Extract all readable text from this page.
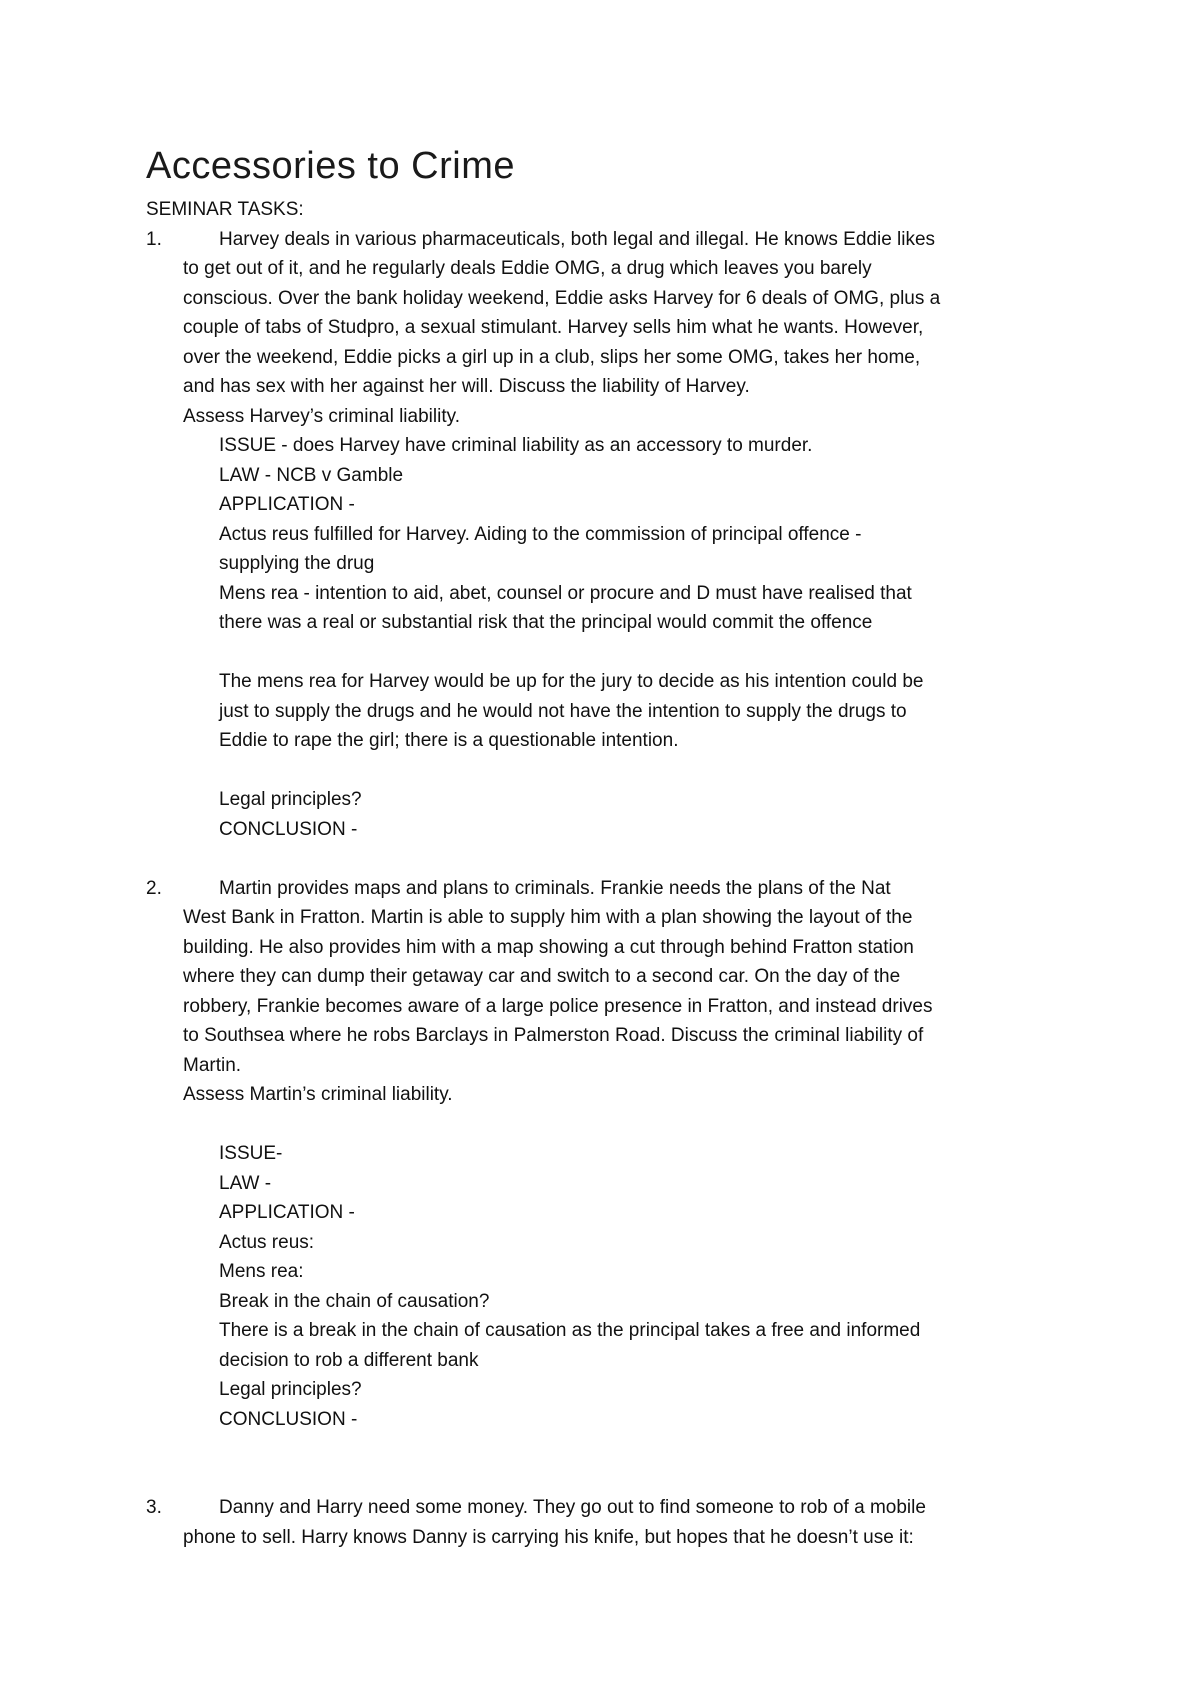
Accessories to Crime
SEMINAR TASKS:
1.	Harvey deals in various pharmaceuticals, both legal and illegal. He knows Eddie likes
to get out of it, and he regularly deals Eddie OMG, a drug which leaves you barely
conscious. Over the bank holiday weekend, Eddie asks Harvey for 6 deals of OMG, plus a
couple of tabs of Studpro, a sexual stimulant. Harvey sells him what he wants. However,
over the weekend, Eddie picks a girl up in a club, slips her some OMG, takes her home,
and has sex with her against her will. Discuss the liability of Harvey.
Assess Harvey’s criminal liability.
ISSUE - does Harvey have criminal liability as an accessory to murder.
LAW - NCB v Gamble
APPLICATION -
Actus reus fulfilled for Harvey. Aiding to the commission of principal offence -
supplying the drug
Mens rea - intention to aid, abet, counsel or procure and D must have realised that
there was a real or substantial risk that the principal would commit the offence
The mens rea for Harvey would be up for the jury to decide as his intention could be
just to supply the drugs and he would not have the intention to supply the drugs to
Eddie to rape the girl; there is a questionable intention.
Legal principles?
CONCLUSION -
2.	Martin provides maps and plans to criminals. Frankie needs the plans of the Nat
West Bank in Fratton. Martin is able to supply him with a plan showing the layout of the
building. He also provides him with a map showing a cut through behind Fratton station
where they can dump their getaway car and switch to a second car. On the day of the
robbery, Frankie becomes aware of a large police presence in Fratton, and instead drives
to Southsea where he robs Barclays in Palmerston Road. Discuss the criminal liability of
Martin.
Assess Martin’s criminal liability.
ISSUE-
LAW -
APPLICATION -
Actus reus:
Mens rea:
Break in the chain of causation?
There is a break in the chain of causation as the principal takes a free and informed
decision to rob a different bank
Legal principles?
CONCLUSION -
3.	Danny and Harry need some money. They go out to find someone to rob of a mobile
phone to sell. Harry knows Danny is carrying his knife, but hopes that he doesn’t use it:
